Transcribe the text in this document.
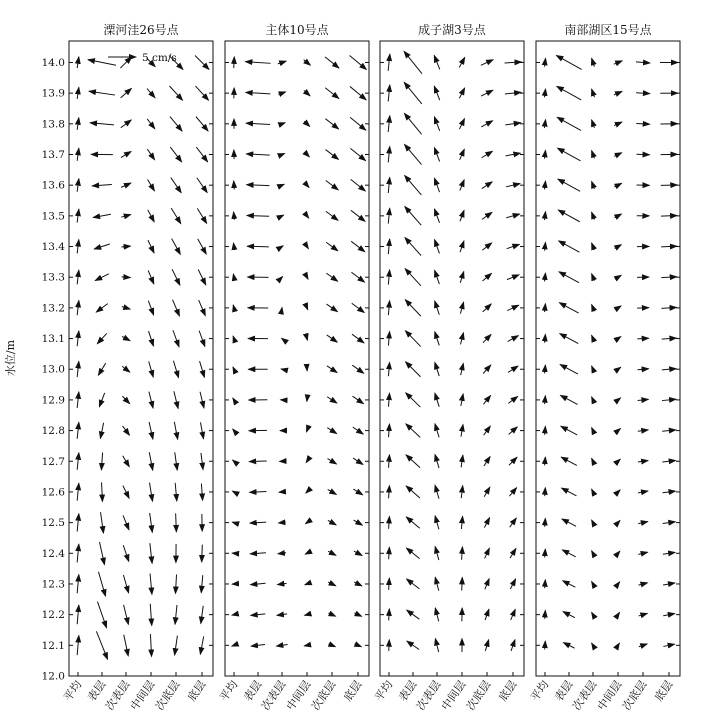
水位/m
12.0
12.1
12.2
12.3
12.4
12.5
12.6
12.7
12.8
12.9
13.0
13.1
13.2
13.3
13.4
13.5
13.6
13.7
13.8
13.9
14.0
溧河洼26号点
平均 表层
次表层
中间层
次底层 底层
主体10号点
平均 表层
次表层
中间层
次底层 底层
成子湖3号点
平均 表层
次表层
中间层
次底层 底层
南部湖区15号点
平均 表层
次表层
中间层
次底层 底层
5 cm/s
